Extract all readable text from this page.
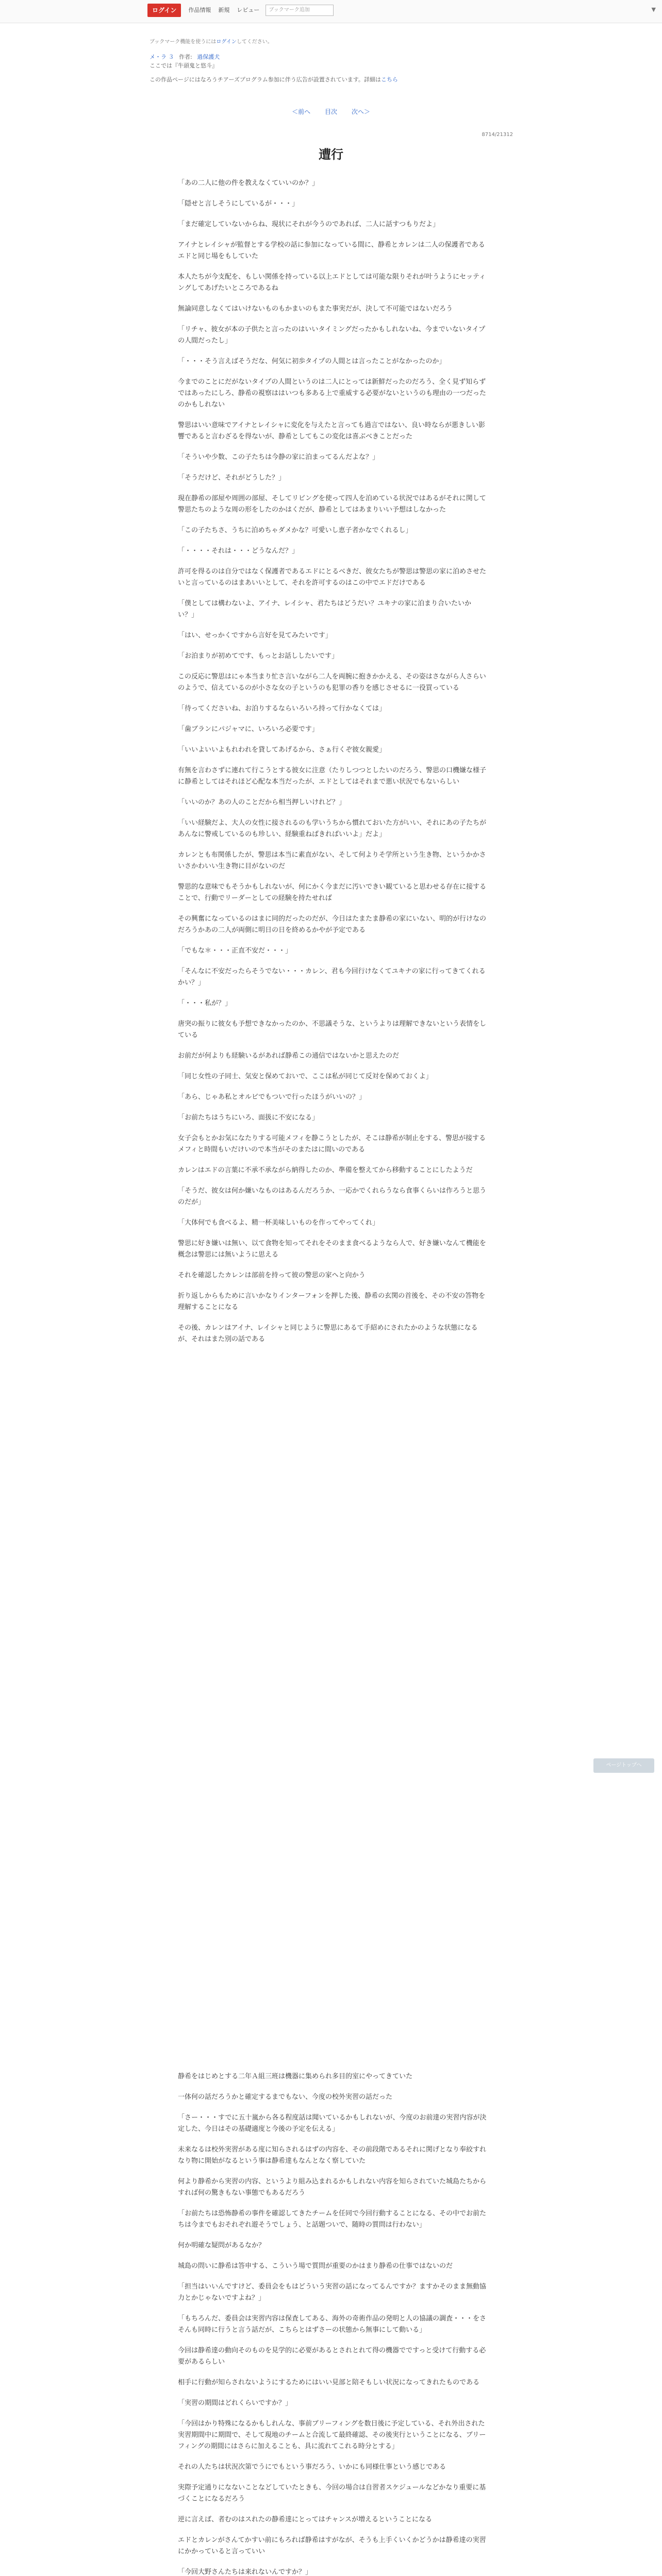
ログイン	作品情報 新規 レビュー	ブックマーク追加	▼
ブックマーク機能を使うにはログインしてください。
メ・ラ ３ 作者: 過保護犬
ここでは『牛頭鬼と悠斗』
この作品ページにはなろうチアーズプログラム参加に伴う広告が設置されています。詳細はこちら
＜前へ 目次 次へ＞
8714/21312
遭行

「あの二人に他の件を教えなくていいのか？」

「隠せと言しそうにしているが・・・」

「まだ確定していないからね、現状にそれが今うのであれば、二人に話すつもりだよ」

アイナとレイシャが監督とする学校の話に参加になっている間に、静希とカレンは二人の保護者であるエドと同じ場をもしていた

本人たちが今支配を、もしい関係を持っている以上エドとしては可能な限りそれが叶うようにセッティングしてあげたいところであるね

無論同意しなくてはいけないものもかまいのもまた事実だが、決して不可能ではないだろう

「リチャ、彼女が本の子供たと言ったのはいいタイミングだったかもしれないね、今までいないタイプの人間だったし」

「・・・そう言えばそうだな、何気に初歩タイプの人間とは言ったことがなかったのか」

今までのことにだがないタイプの人間というのは二人にとっては新鮮だったのだろう、全く見ず知らずではあったにしろ、静希の視察ははいつも多ある上で重威する必要がないというのも理由の一つだったのかもしれない

警思はいい意味でアイナとレイシャに変化を与えたと言っても過言ではない、良い時ならが悪きしい影響であると言わざるを得ないが、静希としてもこの変化は喜ぶべきことだった

「そういや少数、この子たちは今静の家に泊まってるんだよな？」

「そうだけど、それがどうした？」

現在静希の部屋や周囲の部屋、そしてリビングを使って四人を泊めている状況ではあるがそれに関して警思たちのような周の形をしたのかはくだが、静希としてはあまりいい予想はしなかった

「この子たちさ、うちに泊めちゃダメかな？可愛いし恵子者かなでくれるし」

「・・・・それは・・・どうなんだ？」

許可を得るのは自分ではなく保護者であるエドにとるべきだ、彼女たちが警思は警思の家に泊めさせたいと言っているのはまあいいとして、それを許可するのはこの中でエドだけである

「僕としては構わないよ、アイナ、レイシャ、君たちはどうだい？ユキナの家に泊まり合いたいかい？」

「はい、せっかくですから言好を見てみたいです」

「お泊まりが初めてです、もっとお話ししたいです」

この反応に警思はにゃ本当まり忙さ言いながら二人を両腕に抱きかかえる、その姿はさながら人さらいのようで、信えているのが小さな女の子というのも犯罪の香りを感じさせるに一役買っている

「待ってくださいね、お泊りするならいろいろ持って行かなくては」

「歯ブランにパジャマに、いろいろ必要です」

「いいよいいよもれわれを貸してあげるから、さぁ行くぞ彼女親愛」

有無を言わさずに連れて行こうとする彼女に注意（たりしつつとしたいのだろう、警思の口機嫌な様子に静希としてはそれほど心配な本当だったが、エドとしてはそれまで悪い状況でもないらしい

「いいのか？あの人のことだから相当押しいけれど？」

「いい経験だよ、大人の女性に接されるのも学いうちから慣れておいた方がいい、それにあの子たちがあんなに警戒しているのも珍しい、経験重ねばきればいいよ」だよ」

カレンとも布関係したが、警思は本当に素直がない、そして何よりそ学所という生き物、というかかさいさかわいい生き物に目がないのだ

警思的な意味でもそうかもしれないが、何にかく今まだに汚いできい観ていると思わせる存在に接することで、行動でリーダーとしての経験を持たせれば

その興奮になっているのはまに同的だったのだが、今日はたまたま静希の家にいない、明的が行けなのだろうかあの二人が両側に明日の日を終めるかやが予定である

「でもな＊・・・正直不安だ・・・」

「そんなに不安だったらそうでない・・・カレン、君も今回行けなくてユキナの家に行ってきてくれるかい？」

「・・・私が？」

唐突の振りに彼女も予想できなかったのか、不思議そうな、というよりは理解できないという表情をしている

お前だが何よりも経験いるがあれば静希この通信ではないかと思えたのだ

「同じ女性の子同士、気安と保めておいで、ここは私が同じて反対を保めておくよ」

「あら、じゃあ私とオルビでもついで行ったほうがいいの？」

「お前たちはうちにいろ、面扱に不安になる」

女子会もとかお気になたりする可能メフィを静こうとしたが、そこは静希が制止をする、警思が接するメフィと時間もいだけいので本当がそのまたはに間いのである

カレンはエドの言葉に不承不承ながら納得したのか、準備を整えてから移動することにしたようだ

「そうだ、彼女は何か嫌いなものはあるんだろうか、一応かでくれらうなら食事くらいは作ろうと思うのだが」

「大体何でも食べるよ、精一杯美味しいものを作ってやってくれ」

警思に好き嫌いは無い、以て食物を知ってそれをそのまま食べるようなら人で、好き嫌いなんて機能を概念は警思には無いように思える

それを確認したカレンは部前を持って彼の警思の家へと向かう

折り返しからもために言いかなりインターフォンを押した後、静希の玄関の首後を、その不安の答物を理解することになる

その後、カレンはアイナ、レイシャと同じように警思にあるて手紹めにされたかのような状態になるが、それはまた別の話である

静希をはじめとする二年Ａ組三班は機器に集められ多目的室にやってきていた

一体何の話だろうかと確定するまでもない、今度の校外実習の話だった

「さー・・・すでに五十嵐から各る程度話は聞いているかもしれないが、今度のお前達の実習内容が決定した、今日はその基礎適度と今後の予定を伝える」

未来なるは校外実習がある度に知らされるはずの内容を、その前段階であるそれに関げとなり奉絞すれなり物に開始がなるという事は静希達もなんとなく察していた

何より静希から実習の内容、というより組み込まれるかもしれない内容を知らされていた城島たちからすれば何の驚きもない事態でもあるだろう

「お前たちは恐怖静希の事件を確認してきたチームを任同で今回行動することになる、その中でお前たちは今までもおそれぞれ遊そうでしょう、と話題ついで、随時の質問は行わない」

何か明確な疑問があるなか？

城島の問いに静希は答申する、こういう場で質問が重要のかはまり静希の仕事ではないのだ

「担当はいいんですけど、委員会をもはどういう実習の話になってるんですか？ますかそのまま無動協力とかじゃないですよね？」

「もちろんだ、委員会は実習内容は保査してある、海外の奇術作品の発明と人の協議の調査・・・をさそんも同時に行うと言う話だが、こちらとはずさーの状態から無事にして動いる」

今回は静希達の動向そのものを見学的に必要があるとされとれて得の機器でですっと受けて行動する必要があるらしい

相手に行動が知らされないようにするためにはいい見部と陪そもしい状況になってきれたものである

「実習の期間はどれくらいですか？」

「今回はかり特殊になるかもしれんな、事前ブリーフィングを数日後に予定している、それ外出された実習期間中に期間で、そして現地のチームと合流して最終確認、その後実行ということになる、ブリーフィングの期間にはさらに加えることも、具に流れてこれる時分とする」

それの人たちは状況次第でうにでもという事だろう、いかにも同様仕事という感じである

実際予定通りになないことなどしていたときも、今回の場合は自習者スケジュールなどかなり重要に基づくことになるだろう

逆に言えば、者むのはスれたの静希達にとってはチャンスが増えるということになる

エドとカレンがさんてかすい前にもろれば静希はすがなが、そうも上手くいくかどうかは静希達の実習にかかっていると言っていい

「今回大野さんたちは来れないんですか？」

ページトップへ
